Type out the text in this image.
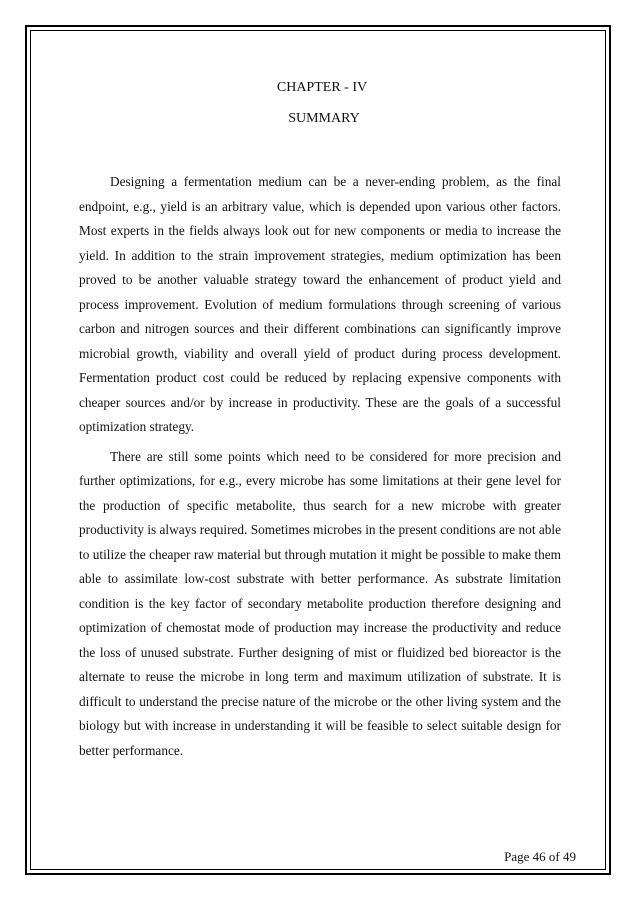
CHAPTER - IV
SUMMARY

Designing a fermentation medium can be a never-ending problem, as the final endpoint, e.g., yield is an arbitrary value, which is depended upon various other factors. Most experts in the fields always look out for new components or media to increase the yield. In addition to the strain improvement strategies, medium optimization has been proved to be another valuable strategy toward the enhancement of product yield and process improvement. Evolution of medium formulations through screening of various carbon and nitrogen sources and their different combinations can significantly improve microbial growth, viability and overall yield of product during process development. Fermentation product cost could be reduced by replacing expensive components with cheaper sources and/or by increase in productivity. These are the goals of a successful optimization strategy.

There are still some points which need to be considered for more precision and further optimizations, for e.g., every microbe has some limitations at their gene level for the production of specific metabolite, thus search for a new microbe with greater productivity is always required. Sometimes microbes in the present conditions are not able to utilize the cheaper raw material but through mutation it might be possible to make them able to assimilate low-cost substrate with better performance. As substrate limitation condition is the key factor of secondary metabolite production therefore designing and optimization of chemostat mode of production may increase the productivity and reduce the loss of unused substrate. Further designing of mist or fluidized bed bioreactor is the alternate to reuse the microbe in long term and maximum utilization of substrate. It is difficult to understand the precise nature of the microbe or the other living system and the biology but with increase in understanding it will be feasible to select suitable design for better performance.

Page 46 of 49
